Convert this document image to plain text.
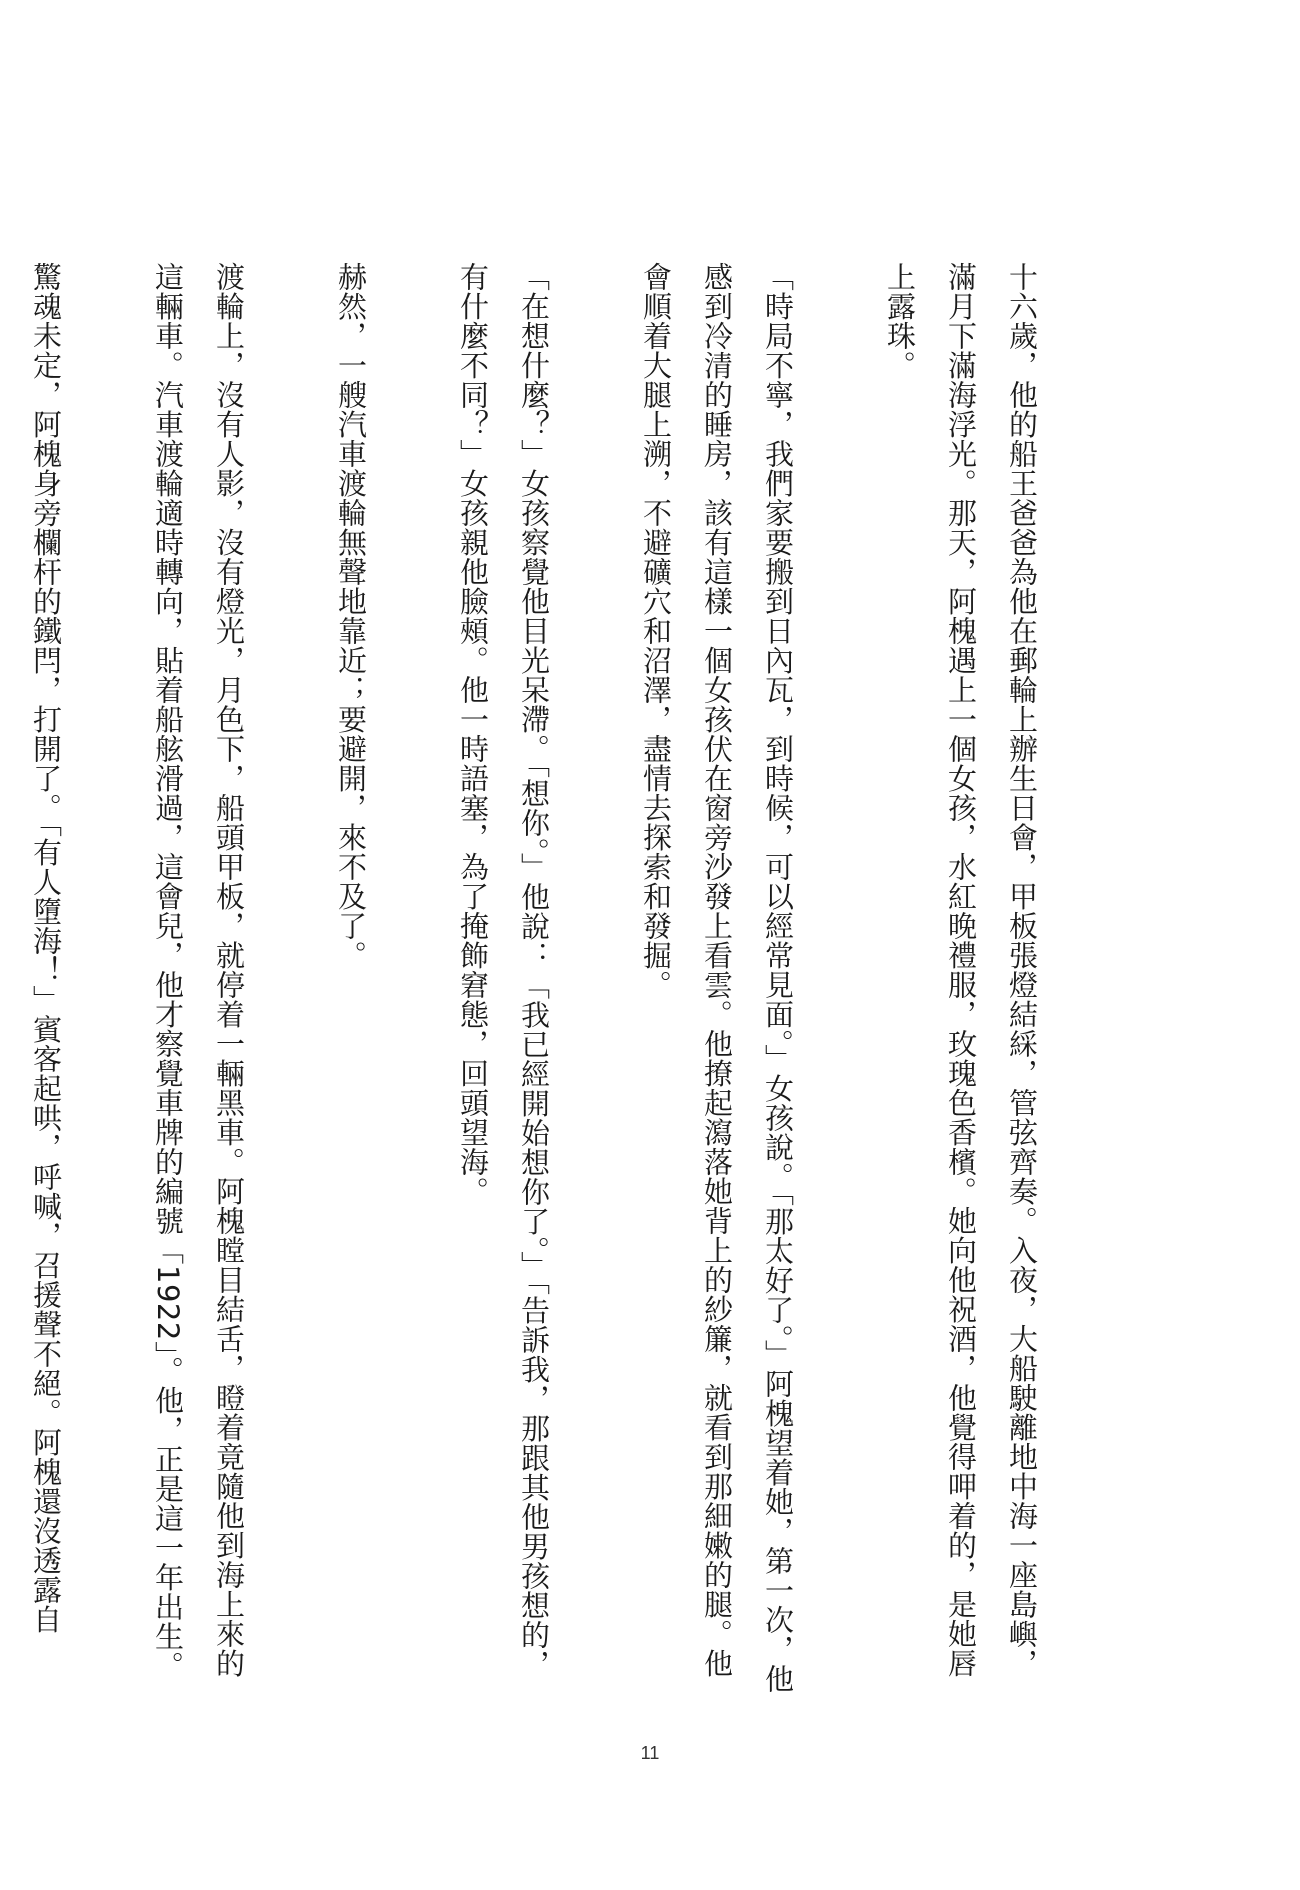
十六歲，他的船王爸爸為他在郵輪上辦生日會，甲板張燈結綵，管弦齊奏。入夜，大船駛離地中海一座島嶼，滿月下滿海浮光。那天，阿槐遇上一個女孩，水紅晚禮服，玫瑰色香檳。她向他祝酒，他覺得呷着的，是她唇上露珠。

「時局不寧，我們家要搬到日內瓦，到時候，可以經常見面。」女孩說。「那太好了。」阿槐望着她，第一次，他感到冷清的睡房，該有這樣一個女孩伏在窗旁沙發上看雲。他撩起瀉落她背上的紗簾，就看到那細嫩的腿。他會順着大腿上溯，不避礦穴和沼澤，盡情去探索和發掘。

「在想什麼？」女孩察覺他目光呆滯。「想你。」他說：「我已經開始想你了。」「告訴我，那跟其他男孩想的，有什麼不同？」女孩親他臉頰。他一時語塞，為了掩飾窘態，回頭望海。

赫然，一艘汽車渡輪無聲地靠近；要避開，來不及了。

渡輪上，沒有人影，沒有燈光，月色下，船頭甲板，就停着一輛黑車。阿槐瞠目結舌，瞪着竟隨他到海上來的這輛車。汽車渡輪適時轉向，貼着船舷滑過，這會兒，他才察覺車牌的編號「1922」。他，正是這一年出生。

驚魂未定，阿槐身旁欄杆的鐵閂，打開了。「有人墮海！」賓客起哄，呼喊，召援聲不絕。阿槐還沒透露自

11
